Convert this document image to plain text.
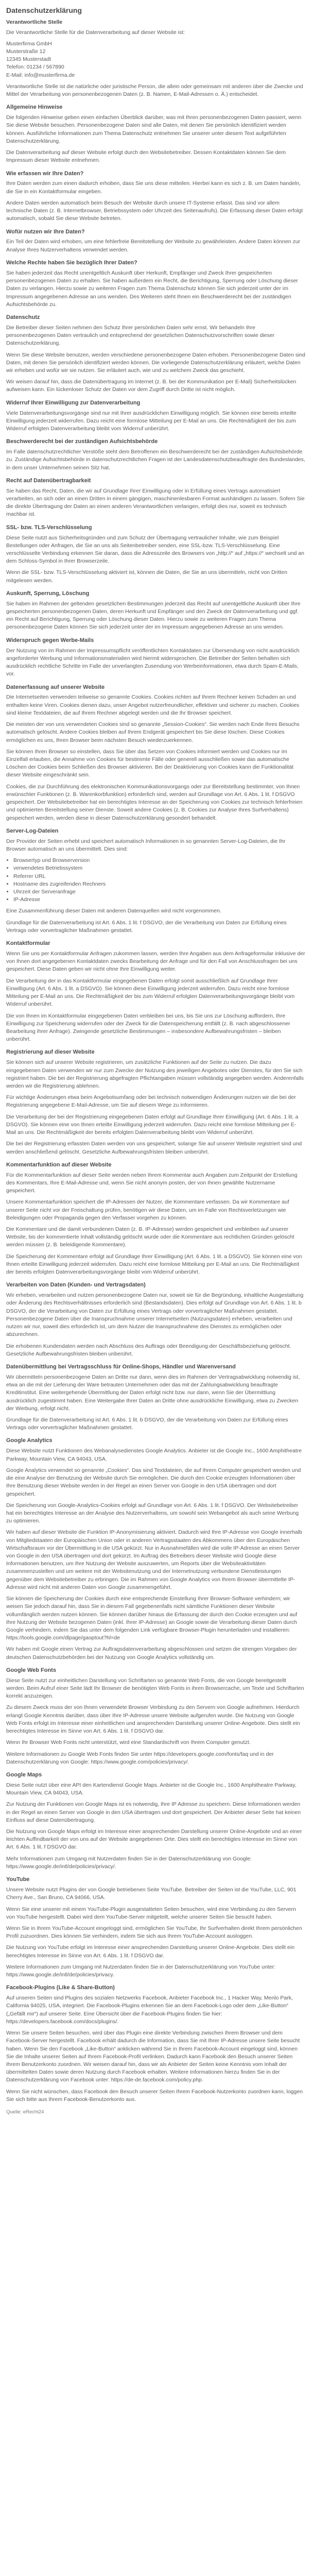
Datenschutzerklärung
Verantwortliche Stelle

Die Verantwortliche Stelle für die Datenverarbeitung auf dieser Website ist:

Musterfirma GmbH

Musterstraße 12

12345 Musterstadt

Telefon: 01234 / 567890

E-Mail: info@musterfirma.de

Verantwortliche Stelle ist die natürliche oder juristische Person, die allein oder gemeinsam mit anderen über die Zwecke und Mittel der Verarbeitung von personenbezogenen Daten (z. B. Namen, E-Mail-Adressen o. Ä.) entscheidet.

Allgemeine Hinweise

Die folgenden Hinweise geben einen einfachen Überblick darüber, was mit Ihren personenbezogenen Daten passiert, wenn Sie diese Website besuchen. Personenbezogene Daten sind alle Daten, mit denen Sie persönlich identifiziert werden können. Ausführliche Informationen zum Thema Datenschutz entnehmen Sie unserer unter diesem Text aufgeführten Datenschutzerklärung.

Die Datenverarbeitung auf dieser Website erfolgt durch den Websitebetreiber. Dessen Kontaktdaten können Sie dem Impressum dieser Website entnehmen.

Wie erfassen wir Ihre Daten?

Ihre Daten werden zum einen dadurch erhoben, dass Sie uns diese mitteilen. Hierbei kann es sich z. B. um Daten handeln, die Sie in ein Kontaktformular eingeben.

Andere Daten werden automatisch beim Besuch der Website durch unsere IT-Systeme erfasst. Das sind vor allem technische Daten (z. B. Internetbrowser, Betriebssystem oder Uhrzeit des Seitenaufrufs). Die Erfassung dieser Daten erfolgt automatisch, sobald Sie diese Website betreten.

Wofür nutzen wir Ihre Daten?

Ein Teil der Daten wird erhoben, um eine fehlerfreie Bereitstellung der Website zu gewährleisten. Andere Daten können zur Analyse Ihres Nutzerverhaltens verwendet werden.

Welche Rechte haben Sie bezüglich Ihrer Daten?

Sie haben jederzeit das Recht unentgeltlich Auskunft über Herkunft, Empfänger und Zweck Ihrer gespeicherten personenbezogenen Daten zu erhalten. Sie haben außerdem ein Recht, die Berichtigung, Sperrung oder Löschung dieser Daten zu verlangen. Hierzu sowie zu weiteren Fragen zum Thema Datenschutz können Sie sich jederzeit unter der im Impressum angegebenen Adresse an uns wenden. Des Weiteren steht Ihnen ein Beschwerderecht bei der zuständigen Aufsichtsbehörde zu.

Datenschutz

Die Betreiber dieser Seiten nehmen den Schutz Ihrer persönlichen Daten sehr ernst. Wir behandeln Ihre personenbezogenen Daten vertraulich und entsprechend der gesetzlichen Datenschutzvorschriften sowie dieser Datenschutzerklärung.

Wenn Sie diese Website benutzen, werden verschiedene personenbezogene Daten erhoben. Personenbezogene Daten sind Daten, mit denen Sie persönlich identifiziert werden können. Die vorliegende Datenschutzerklärung erläutert, welche Daten wir erheben und wofür wir sie nutzen. Sie erläutert auch, wie und zu welchem Zweck das geschieht.

Wir weisen darauf hin, dass die Datenübertragung im Internet (z. B. bei der Kommunikation per E-Mail) Sicherheitslücken aufweisen kann. Ein lückenloser Schutz der Daten vor dem Zugriff durch Dritte ist nicht möglich.

Widerruf Ihrer Einwilligung zur Datenverarbeitung

Viele Datenverarbeitungsvorgänge sind nur mit Ihrer ausdrücklichen Einwilligung möglich. Sie können eine bereits erteilte Einwilligung jederzeit widerrufen. Dazu reicht eine formlose Mitteilung per E-Mail an uns. Die Rechtmäßigkeit der bis zum Widerruf erfolgten Datenverarbeitung bleibt vom Widerruf unberührt.

Beschwerderecht bei der zuständigen Aufsichtsbehörde

Im Falle datenschutzrechtlicher Verstöße steht dem Betroffenen ein Beschwerderecht bei der zuständigen Aufsichtsbehörde zu. Zuständige Aufsichtsbehörde in datenschutzrechtlichen Fragen ist der Landesdatenschutzbeauftragte des Bundeslandes, in dem unser Unternehmen seinen Sitz hat.

Recht auf Datenübertragbarkeit

Sie haben das Recht, Daten, die wir auf Grundlage Ihrer Einwilligung oder in Erfüllung eines Vertrags automatisiert verarbeiten, an sich oder an einen Dritten in einem gängigen, maschinenlesbaren Format aushändigen zu lassen. Sofern Sie die direkte Übertragung der Daten an einen anderen Verantwortlichen verlangen, erfolgt dies nur, soweit es technisch machbar ist.

SSL- bzw. TLS-Verschlüsselung

Diese Seite nutzt aus Sicherheitsgründen und zum Schutz der Übertragung vertraulicher Inhalte, wie zum Beispiel Bestellungen oder Anfragen, die Sie an uns als Seitenbetreiber senden, eine SSL-bzw. TLS-Verschlüsselung. Eine verschlüsselte Verbindung erkennen Sie daran, dass die Adresszeile des Browsers von „http://“ auf „https://“ wechselt und an dem Schloss-Symbol in Ihrer Browserzeile.

Wenn die SSL- bzw. TLS-Verschlüsselung aktiviert ist, können die Daten, die Sie an uns übermitteln, nicht von Dritten mitgelesen werden.

Auskunft, Sperrung, Löschung

Sie haben im Rahmen der geltenden gesetzlichen Bestimmungen jederzeit das Recht auf unentgeltliche Auskunft über Ihre gespeicherten personenbezogenen Daten, deren Herkunft und Empfänger und den Zweck der Datenverarbeitung und ggf. ein Recht auf Berichtigung, Sperrung oder Löschung dieser Daten. Hierzu sowie zu weiteren Fragen zum Thema personenbezogene Daten können Sie sich jederzeit unter der im Impressum angegebenen Adresse an uns wenden.

Widerspruch gegen Werbe-Mails

Der Nutzung von im Rahmen der Impressumspflicht veröffentlichten Kontaktdaten zur Übersendung von nicht ausdrücklich angeforderter Werbung und Informationsmaterialien wird hiermit widersprochen. Die Betreiber der Seiten behalten sich ausdrücklich rechtliche Schritte im Falle der unverlangten Zusendung von Werbeinformationen, etwa durch Spam-E-Mails, vor.

Datenerfassung auf unserer Website

Die Internetseiten verwenden teilweise so genannte Cookies. Cookies richten auf Ihrem Rechner keinen Schaden an und enthalten keine Viren. Cookies dienen dazu, unser Angebot nutzerfreundlicher, effektiver und sicherer zu machen. Cookies sind kleine Textdateien, die auf Ihrem Rechner abgelegt werden und die Ihr Browser speichert.

Die meisten der von uns verwendeten Cookies sind so genannte „Session-Cookies“. Sie werden nach Ende Ihres Besuchs automatisch gelöscht. Andere Cookies bleiben auf Ihrem Endgerät gespeichert bis Sie diese löschen. Diese Cookies ermöglichen es uns, Ihren Browser beim nächsten Besuch wiederzuerkennen.

Sie können Ihren Browser so einstellen, dass Sie über das Setzen von Cookies informiert werden und Cookies nur im Einzelfall erlauben, die Annahme von Cookies für bestimmte Fälle oder generell ausschließen sowie das automatische Löschen der Cookies beim Schließen des Browser aktivieren. Bei der Deaktivierung von Cookies kann die Funktionalität dieser Website eingeschränkt sein.

Cookies, die zur Durchführung des elektronischen Kommunikationsvorgangs oder zur Bereitstellung bestimmter, von Ihnen erwünschter Funktionen (z. B. Warenkorbfunktion) erforderlich sind, werden auf Grundlage von Art. 6 Abs. 1 lit. f DSGVO gespeichert. Der Websitebetreiber hat ein berechtigtes Interesse an der Speicherung von Cookies zur technisch fehlerfreien und optimierten Bereitstellung seiner Dienste. Soweit andere Cookies (z. B. Cookies zur Analyse Ihres Surfverhaltens) gespeichert werden, werden diese in dieser Datenschutzerklärung gesondert behandelt.

Server-Log-Dateien

Der Provider der Seiten erhebt und speichert automatisch Informationen in so genannten Server-Log-Dateien, die Ihr Browser automatisch an uns übermittelt. Dies sind:

• Browsertyp und Browserversion
• verwendetes Betriebssystem
• Referrer URL
• Hostname des zugreifenden Rechners
• Uhrzeit der Serveranfrage
• IP-Adresse

Eine Zusammenführung dieser Daten mit anderen Datenquellen wird nicht vorgenommen.

Grundlage für die Datenverarbeitung ist Art. 6 Abs. 1 lit. f DSGVO, der die Verarbeitung von Daten zur Erfüllung eines Vertrags oder vorvertraglicher Maßnahmen gestattet.

Kontaktformular

Wenn Sie uns per Kontaktformular Anfragen zukommen lassen, werden Ihre Angaben aus dem Anfrageformular inklusive der von Ihnen dort angegebenen Kontaktdaten zwecks Bearbeitung der Anfrage und für den Fall von Anschlussfragen bei uns gespeichert. Diese Daten geben wir nicht ohne Ihre Einwilligung weiter.

Die Verarbeitung der in das Kontaktformular eingegebenen Daten erfolgt somit ausschließlich auf Grundlage Ihrer Einwilligung (Art. 6 Abs. 1 lit. a DSGVO). Sie können diese Einwilligung jederzeit widerrufen. Dazu reicht eine formlose Mitteilung per E-Mail an uns. Die Rechtmäßigkeit der bis zum Widerruf erfolgten Datenverarbeitungsvorgänge bleibt vom Widerruf unberührt.

Die von Ihnen im Kontaktformular eingegebenen Daten verbleiben bei uns, bis Sie uns zur Löschung auffordern, Ihre Einwilligung zur Speicherung widerrufen oder der Zweck für die Datenspeicherung entfällt (z. B. nach abgeschlossener Bearbeitung Ihrer Anfrage). Zwingende gesetzliche Bestimmungen – insbesondere Aufbewahrungsfristen – bleiben unberührt.

Registrierung auf dieser Website

Sie können sich auf unserer Website registrieren, um zusätzliche Funktionen auf der Seite zu nutzen. Die dazu eingegebenen Daten verwenden wir nur zum Zwecke der Nutzung des jeweiligen Angebotes oder Dienstes, für den Sie sich registriert haben. Die bei der Registrierung abgefragten Pflichtangaben müssen vollständig angegeben werden. Anderenfalls werden wir die Registrierung ablehnen.

Für wichtige Änderungen etwa beim Angebotsumfang oder bei technisch notwendigen Änderungen nutzen wir die bei der Registrierung angegebene E-Mail-Adresse, um Sie auf diesem Wege zu informieren.

Die Verarbeitung der bei der Registrierung eingegebenen Daten erfolgt auf Grundlage Ihrer Einwilligung (Art. 6 Abs. 1 lit. a DSGVO). Sie können eine von Ihnen erteilte Einwilligung jederzeit widerrufen. Dazu reicht eine formlose Mitteilung per E-Mail an uns. Die Rechtmäßigkeit der bereits erfolgten Datenverarbeitung bleibt vom Widerruf unberührt.

Die bei der Registrierung erfassten Daten werden von uns gespeichert, solange Sie auf unserer Website registriert sind und werden anschließend gelöscht. Gesetzliche Aufbewahrungsfristen bleiben unberührt.

Kommentarfunktion auf dieser Website

Für die Kommentarfunktion auf dieser Seite werden neben Ihrem Kommentar auch Angaben zum Zeitpunkt der Erstellung des Kommentars, Ihre E-Mail-Adresse und, wenn Sie nicht anonym posten, der von Ihnen gewählte Nutzername gespeichert.

Unsere Kommentarfunktion speichert die IP-Adressen der Nutzer, die Kommentare verfassen. Da wir Kommentare auf unserer Seite nicht vor der Freischaltung prüfen, benötigen wir diese Daten, um im Falle von Rechtsverletzungen wie Beleidigungen oder Propaganda gegen den Verfasser vorgehen zu können.

Die Kommentare und die damit verbundenen Daten (z. B. IP-Adresse) werden gespeichert und verbleiben auf unserer Website, bis der kommentierte Inhalt vollständig gelöscht wurde oder die Kommentare aus rechtlichen Gründen gelöscht werden müssen (z. B. beleidigende Kommentare).

Die Speicherung der Kommentare erfolgt auf Grundlage Ihrer Einwilligung (Art. 6 Abs. 1 lit. a DSGVO). Sie können eine von Ihnen erteilte Einwilligung jederzeit widerrufen. Dazu reicht eine formlose Mitteilung per E-Mail an uns. Die Rechtmäßigkeit der bereits erfolgten Datenverarbeitungsvorgänge bleibt vom Widerruf unberührt.

Verarbeiten von Daten (Kunden- und Vertragsdaten)

Wir erheben, verarbeiten und nutzen personenbezogene Daten nur, soweit sie für die Begründung, inhaltliche Ausgestaltung oder Änderung des Rechtsverhältnisses erforderlich sind (Bestandsdaten). Dies erfolgt auf Grundlage von Art. 6 Abs. 1 lit. b DSGVO, der die Verarbeitung von Daten zur Erfüllung eines Vertrags oder vorvertraglicher Maßnahmen gestattet. Personenbezogene Daten über die Inanspruchnahme unserer Internetseiten (Nutzungsdaten) erheben, verarbeiten und nutzen wir nur, soweit dies erforderlich ist, um dem Nutzer die Inanspruchnahme des Dienstes zu ermöglichen oder abzurechnen.

Die erhobenen Kundendaten werden nach Abschluss des Auftrags oder Beendigung der Geschäftsbeziehung gelöscht. Gesetzliche Aufbewahrungsfristen bleiben unberührt.

Datenübermittlung bei Vertragsschluss für Online-Shops, Händler und Warenversand

Wir übermitteln personenbezogene Daten an Dritte nur dann, wenn dies im Rahmen der Vertragsabwicklung notwendig ist, etwa an die mit der Lieferung der Ware betrauten Unternehmen oder das mit der Zahlungsabwicklung beauftragte Kreditinstitut. Eine weitergehende Übermittlung der Daten erfolgt nicht bzw. nur dann, wenn Sie der Übermittlung ausdrücklich zugestimmt haben. Eine Weitergabe Ihrer Daten an Dritte ohne ausdrückliche Einwilligung, etwa zu Zwecken der Werbung, erfolgt nicht.

Grundlage für die Datenverarbeitung ist Art. 6 Abs. 1 lit. b DSGVO, der die Verarbeitung von Daten zur Erfüllung eines Vertrags oder vorvertraglicher Maßnahmen gestattet.

Google Analytics

Diese Website nutzt Funktionen des Webanalysedienstes Google Analytics. Anbieter ist die Google Inc., 1600 Amphitheatre Parkway, Mountain View, CA 94043, USA.

Google Analytics verwendet so genannte „Cookies“. Das sind Textdateien, die auf Ihrem Computer gespeichert werden und die eine Analyse der Benutzung der Website durch Sie ermöglichen. Die durch den Cookie erzeugten Informationen über Ihre Benutzung dieser Website werden in der Regel an einen Server von Google in den USA übertragen und dort gespeichert.

Die Speicherung von Google-Analytics-Cookies erfolgt auf Grundlage von Art. 6 Abs. 1 lit. f DSGVO. Der Websitebetreiber hat ein berechtigtes Interesse an der Analyse des Nutzerverhaltens, um sowohl sein Webangebot als auch seine Werbung zu optimieren.

Wir haben auf dieser Website die Funktion IP-Anonymisierung aktiviert. Dadurch wird Ihre IP-Adresse von Google innerhalb von Mitgliedstaaten der Europäischen Union oder in anderen Vertragsstaaten des Abkommens über den Europäischen Wirtschaftsraum vor der Übermittlung in die USA gekürzt. Nur in Ausnahmefällen wird die volle IP-Adresse an einen Server von Google in den USA übertragen und dort gekürzt. Im Auftrag des Betreibers dieser Website wird Google diese Informationen benutzen, um Ihre Nutzung der Website auszuwerten, um Reports über die Websiteaktivitäten zusammenzustellen und um weitere mit der Websitenutzung und der Internetnutzung verbundene Dienstleistungen gegenüber dem Websitebetreiber zu erbringen. Die im Rahmen von Google Analytics von Ihrem Browser übermittelte IP-Adresse wird nicht mit anderen Daten von Google zusammengeführt.

Sie können die Speicherung der Cookies durch eine entsprechende Einstellung Ihrer Browser-Software verhindern; wir weisen Sie jedoch darauf hin, dass Sie in diesem Fall gegebenenfalls nicht sämtliche Funktionen dieser Website vollumfänglich werden nutzen können. Sie können darüber hinaus die Erfassung der durch den Cookie erzeugten und auf Ihre Nutzung der Website bezogenen Daten (inkl. Ihrer IP-Adresse) an Google sowie die Verarbeitung dieser Daten durch Google verhindern, indem Sie das unter dem folgenden Link verfügbare Browser-Plugin herunterladen und installieren: https://tools.google.com/dlpage/gaoptout?hl=de

Wir haben mit Google einen Vertrag zur Auftragsdatenverarbeitung abgeschlossen und setzen die strengen Vorgaben der deutschen Datenschutzbehörden bei der Nutzung von Google Analytics vollständig um.

Google Web Fonts

Diese Seite nutzt zur einheitlichen Darstellung von Schriftarten so genannte Web Fonts, die von Google bereitgestellt werden. Beim Aufruf einer Seite lädt Ihr Browser die benötigten Web Fonts in ihren Browsercache, um Texte und Schriftarten korrekt anzuzeigen.

Zu diesem Zweck muss der von Ihnen verwendete Browser Verbindung zu den Servern von Google aufnehmen. Hierdurch erlangt Google Kenntnis darüber, dass über Ihre IP-Adresse unsere Website aufgerufen wurde. Die Nutzung von Google Web Fonts erfolgt im Interesse einer einheitlichen und ansprechenden Darstellung unserer Online-Angebote. Dies stellt ein berechtigtes Interesse im Sinne von Art. 6 Abs. 1 lit. f DSGVO dar.

Wenn Ihr Browser Web Fonts nicht unterstützt, wird eine Standardschrift von Ihrem Computer genutzt.

Weitere Informationen zu Google Web Fonts finden Sie unter https://developers.google.com/fonts/faq und in der Datenschutzerklärung von Google: https://www.google.com/policies/privacy/.

Google Maps

Diese Seite nutzt über eine API den Kartendienst Google Maps. Anbieter ist die Google Inc., 1600 Amphitheatre Parkway, Mountain View, CA 94043, USA.

Zur Nutzung der Funktionen von Google Maps ist es notwendig, Ihre IP Adresse zu speichern. Diese Informationen werden in der Regel an einen Server von Google in den USA übertragen und dort gespeichert. Der Anbieter dieser Seite hat keinen Einfluss auf diese Datenübertragung.

Die Nutzung von Google Maps erfolgt im Interesse einer ansprechenden Darstellung unserer Online-Angebote und an einer leichten Auffindbarkeit der von uns auf der Website angegebenen Orte. Dies stellt ein berechtigtes Interesse im Sinne von Art. 6 Abs. 1 lit. f DSGVO dar.

Mehr Informationen zum Umgang mit Nutzerdaten finden Sie in der Datenschutzerklärung von Google: https://www.google.de/intl/de/policies/privacy/.

YouTube

Unsere Website nutzt Plugins der von Google betriebenen Seite YouTube. Betreiber der Seiten ist die YouTube, LLC, 901 Cherry Ave., San Bruno, CA 94066, USA.

Wenn Sie eine unserer mit einem YouTube-Plugin ausgestatteten Seiten besuchen, wird eine Verbindung zu den Servern von YouTube hergestellt. Dabei wird dem YouTube-Server mitgeteilt, welche unserer Seiten Sie besucht haben.

Wenn Sie in Ihrem YouTube-Account eingeloggt sind, ermöglichen Sie YouTube, Ihr Surfverhalten direkt Ihrem persönlichen Profil zuzuordnen. Dies können Sie verhindern, indem Sie sich aus Ihrem YouTube-Account ausloggen.

Die Nutzung von YouTube erfolgt im Interesse einer ansprechenden Darstellung unserer Online-Angebote. Dies stellt ein berechtigtes Interesse im Sinne von Art. 6 Abs. 1 lit. f DSGVO dar.

Weitere Informationen zum Umgang mit Nutzerdaten finden Sie in der Datenschutzerklärung von YouTube unter: https://www.google.de/intl/de/policies/privacy.

Facebook-Plugins (Like & Share-Button)

Auf unseren Seiten sind Plugins des sozialen Netzwerks Facebook, Anbieter Facebook Inc., 1 Hacker Way, Menlo Park, California 94025, USA, integriert. Die Facebook-Plugins erkennen Sie an dem Facebook-Logo oder dem „Like-Button“ („Gefällt mir“) auf unserer Seite. Eine Übersicht über die Facebook-Plugins finden Sie hier: https://developers.facebook.com/docs/plugins/.

Wenn Sie unsere Seiten besuchen, wird über das Plugin eine direkte Verbindung zwischen Ihrem Browser und dem Facebook-Server hergestellt. Facebook erhält dadurch die Information, dass Sie mit Ihrer IP-Adresse unsere Seite besucht haben. Wenn Sie den Facebook „Like-Button“ anklicken während Sie in Ihrem Facebook-Account eingeloggt sind, können Sie die Inhalte unserer Seiten auf Ihrem Facebook-Profil verlinken. Dadurch kann Facebook den Besuch unserer Seiten Ihrem Benutzerkonto zuordnen. Wir weisen darauf hin, dass wir als Anbieter der Seiten keine Kenntnis vom Inhalt der übermittelten Daten sowie deren Nutzung durch Facebook erhalten. Weitere Informationen hierzu finden Sie in der Datenschutzerklärung von Facebook unter: https://de-de.facebook.com/policy.php.

Wenn Sie nicht wünschen, dass Facebook den Besuch unserer Seiten Ihrem Facebook-Nutzerkonto zuordnen kann, loggen Sie sich bitte aus Ihrem Facebook-Benutzerkonto aus.

Quelle: eRecht24
